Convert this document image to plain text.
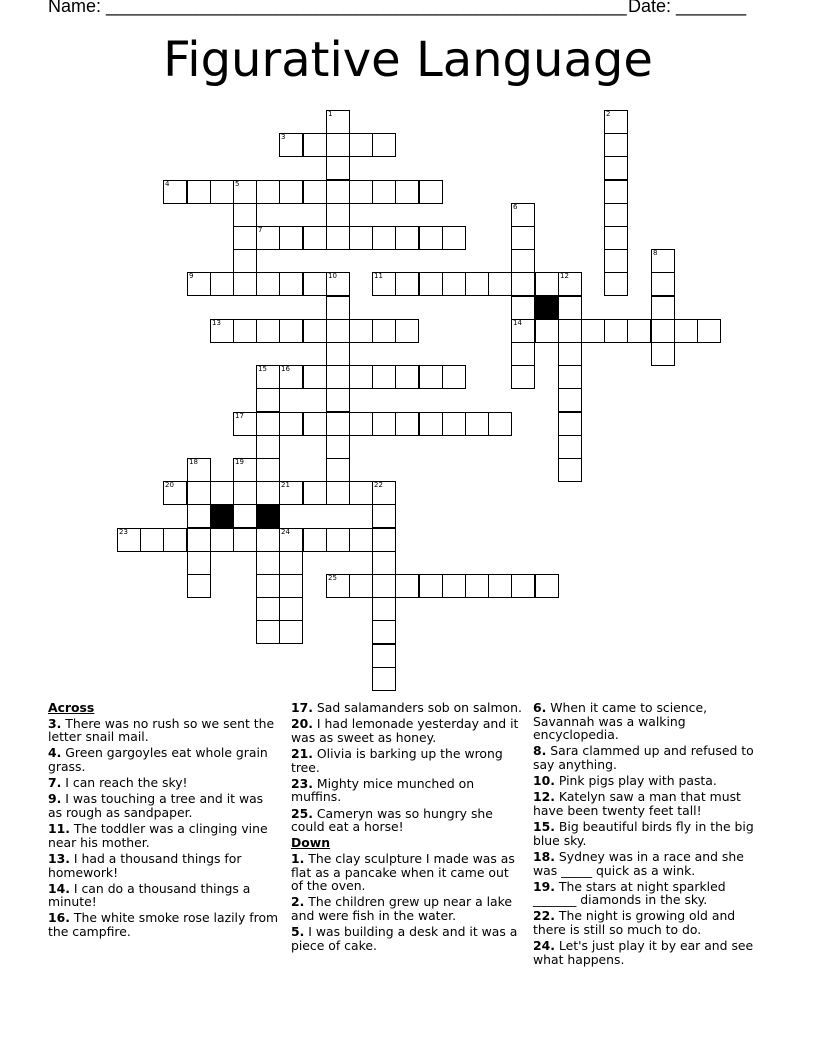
Name: ____________________________________________________ Date: _______
Figurative Language
1	2
3
4	5
6
14
7
8
9	10	11	12
13
15 16
17
18	19
20	21	22
23	24
25
Across

3. There was no rush so we sent the letter snail mail.

4. Green gargoyles eat whole grain grass.

7. I can reach the sky!

9. I was touching a tree and it was as rough as sandpaper.

11. The toddler was a clinging vine near his mother.

13. I had a thousand things for homework!

14. I can do a thousand things a minute!

16. The white smoke rose lazily from the campfire.

17. Sad salamanders sob on salmon.

20. I had lemonade yesterday and it was as sweet as honey.

21. Olivia is barking up the wrong tree.

23. Mighty mice munched on muffins.

25. Cameryn was so hungry she could eat a horse!

Down

1. The clay sculpture I made was as flat as a pancake when it came out of the oven.

2. The children grew up near a lake and were fish in the water.

5. I was building a desk and it was a piece of cake.

6. When it came to science, Savannah was a walking encyclopedia.

8. Sara clammed up and refused to say anything.

10. Pink pigs play with pasta.

12. Katelyn saw a man that must have been twenty feet tall!

15. Big beautiful birds fly in the big blue sky.

18. Sydney was in a race and she was _____ quick as a wink.

19. The stars at night sparkled _______ diamonds in the sky.

22. The night is growing old and there is still so much to do.

24. Let's just play it by ear and see what happens.
